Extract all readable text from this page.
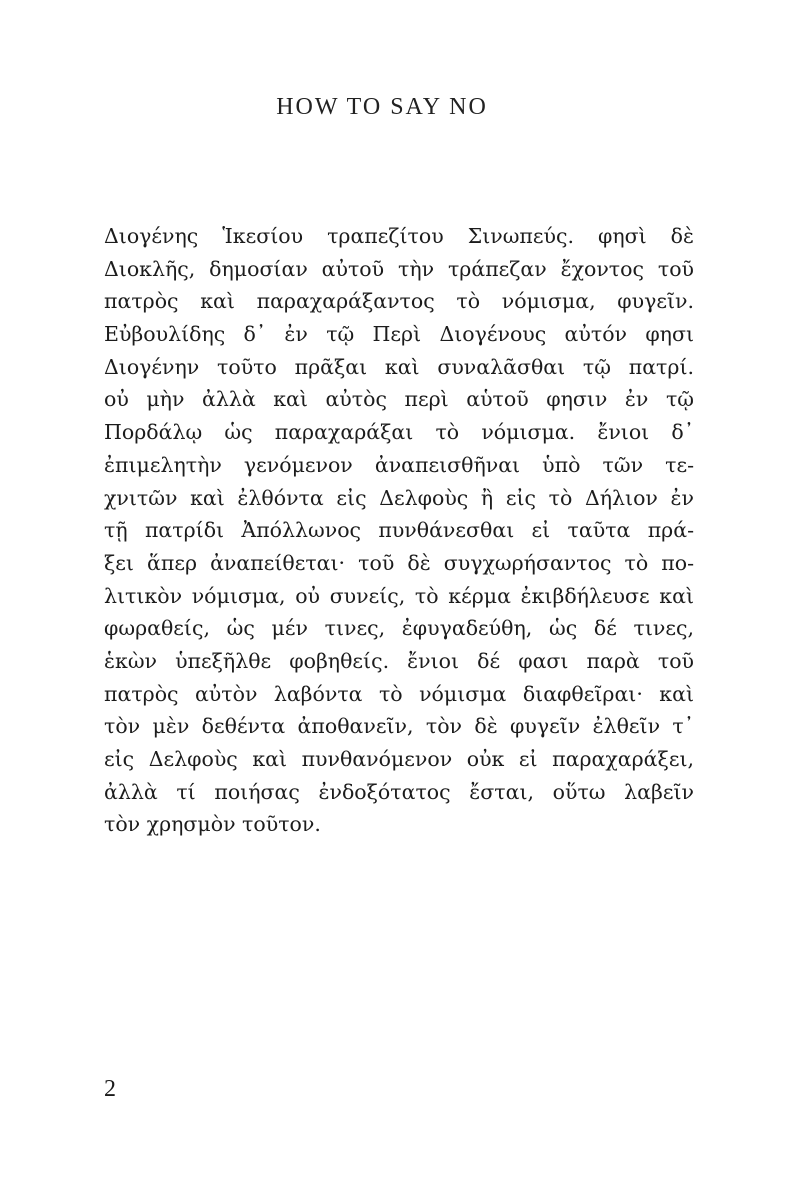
HOW TO SAY NO
Διογένης Ἱκεσίου τραπεζίτου Σινωπεύς. φησὶ δὲ
Διοκλῆς, δημοσίαν αὐτοῦ τὴν τράπεζαν ἔχοντος τοῦ
πατρὸς καὶ παραχαράξαντος τὸ νόμισμα, φυγεῖν.
Εὐβουλίδης δ᾽ ἐν τῷ Περὶ Διογένους αὐτόν φησι
Διογένην τοῦτο πρᾶξαι καὶ συναλᾶσθαι τῷ πατρί.
οὐ μὴν ἀλλὰ καὶ αὐτὸς περὶ αὑτοῦ φησιν ἐν τῷ
Πορδάλῳ ὡς παραχαράξαι τὸ νόμισμα. ἔνιοι δ᾽
ἐπιμελητὴν γενόμενον ἀναπεισθῆναι ὑπὸ τῶν τε-
χνιτῶν καὶ ἐλθόντα εἰς Δελφοὺς ἢ εἰς τὸ Δήλιον ἐν
τῇ πατρίδι Ἀπόλλωνος πυνθάνεσθαι εἰ ταῦτα πρά-
ξει ἅπερ ἀναπείθεται· τοῦ δὲ συγχωρήσαντος τὸ πο-
λιτικὸν νόμισμα, οὐ συνείς, τὸ κέρμα ἐκιβδήλευσε καὶ
φωραθείς, ὡς μέν τινες, ἐφυγαδεύθη, ὡς δέ τινες,
ἑκὼν ὑπεξῆλθε φοβηθείς. ἔνιοι δέ φασι παρὰ τοῦ
πατρὸς αὐτὸν λαβόντα τὸ νόμισμα διαφθεῖραι· καὶ
τὸν μὲν δεθέντα ἀποθανεῖν, τὸν δὲ φυγεῖν ἐλθεῖν τ᾽
εἰς Δελφοὺς καὶ πυνθανόμενον οὐκ εἰ παραχαράξει,
ἀλλὰ τί ποιήσας ἐνδοξότατος ἔσται, οὕτω λαβεῖν
τὸν χρησμὸν τοῦτον.
2
